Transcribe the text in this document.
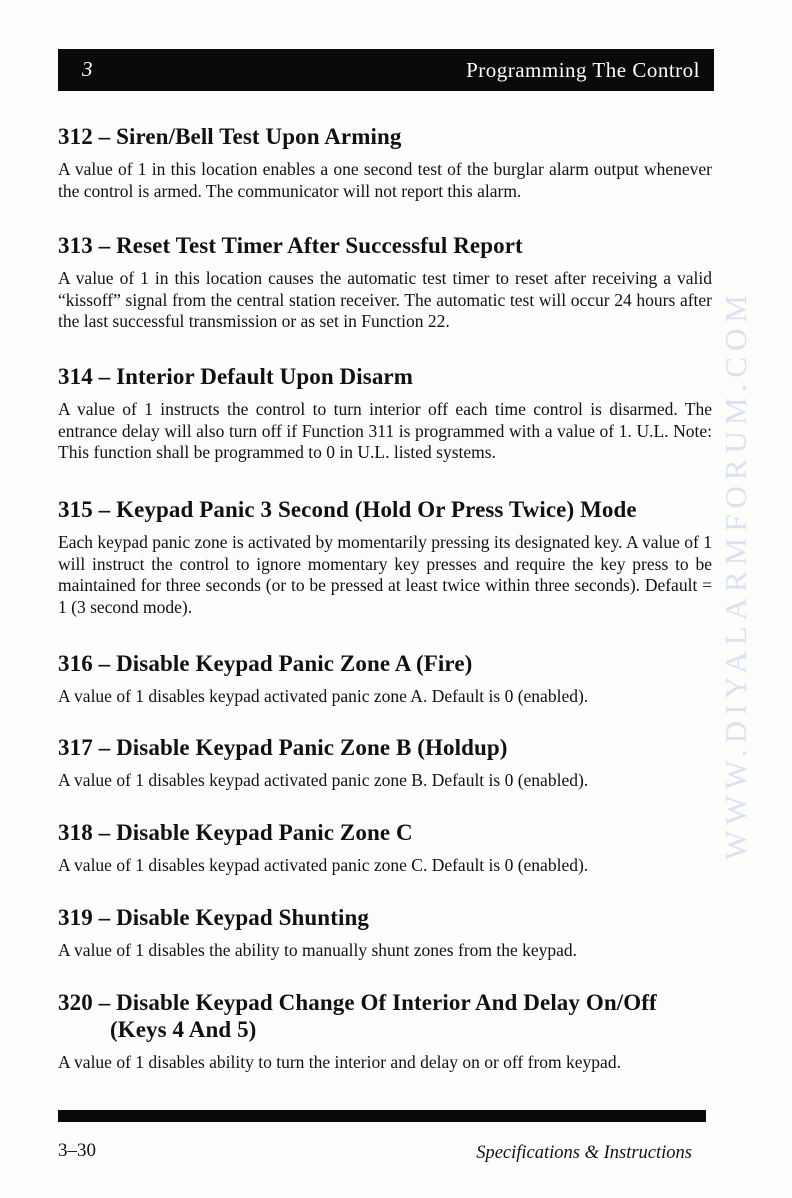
3	Programming The Control
312 – Siren/Bell Test Upon Arming

A value of 1 in this location enables a one second test of the burglar alarm output whenever the control is armed. The communicator will not report this alarm.

313 – Reset Test Timer After Successful Report

A value of 1 in this location causes the automatic test timer to reset after receiving a valid “kissoff” signal from the central station receiver. The automatic test will occur 24 hours after the last successful transmission or as set in Function 22.

314 – Interior Default Upon Disarm

A value of 1 instructs the control to turn interior off each time control is disarmed. The entrance delay will also turn off if Function 311 is programmed with a value of 1. U.L. Note: This function shall be programmed to 0 in U.L. listed systems.

315 – Keypad Panic 3 Second (Hold Or Press Twice) Mode

Each keypad panic zone is activated by momentarily pressing its designated key. A value of 1 will instruct the control to ignore momentary key presses and require the key press to be maintained for three seconds (or to be pressed at least twice within three seconds). Default = 1 (3 second mode).

316 – Disable Keypad Panic Zone A (Fire)

A value of 1 disables keypad activated panic zone A. Default is 0 (enabled).

317 – Disable Keypad Panic Zone B (Holdup)

A value of 1 disables keypad activated panic zone B. Default is 0 (enabled).

318 – Disable Keypad Panic Zone C

A value of 1 disables keypad activated panic zone C. Default is 0 (enabled).

319 – Disable Keypad Shunting

A value of 1 disables the ability to manually shunt zones from the keypad.

320 – Disable Keypad Change Of Interior And Delay On/Off
(Keys 4 And 5)

A value of 1 disables ability to turn the interior and delay on or off from keypad.

WWW.DIYALARMFORUM.COM
3–30	Specifications & Instructions
